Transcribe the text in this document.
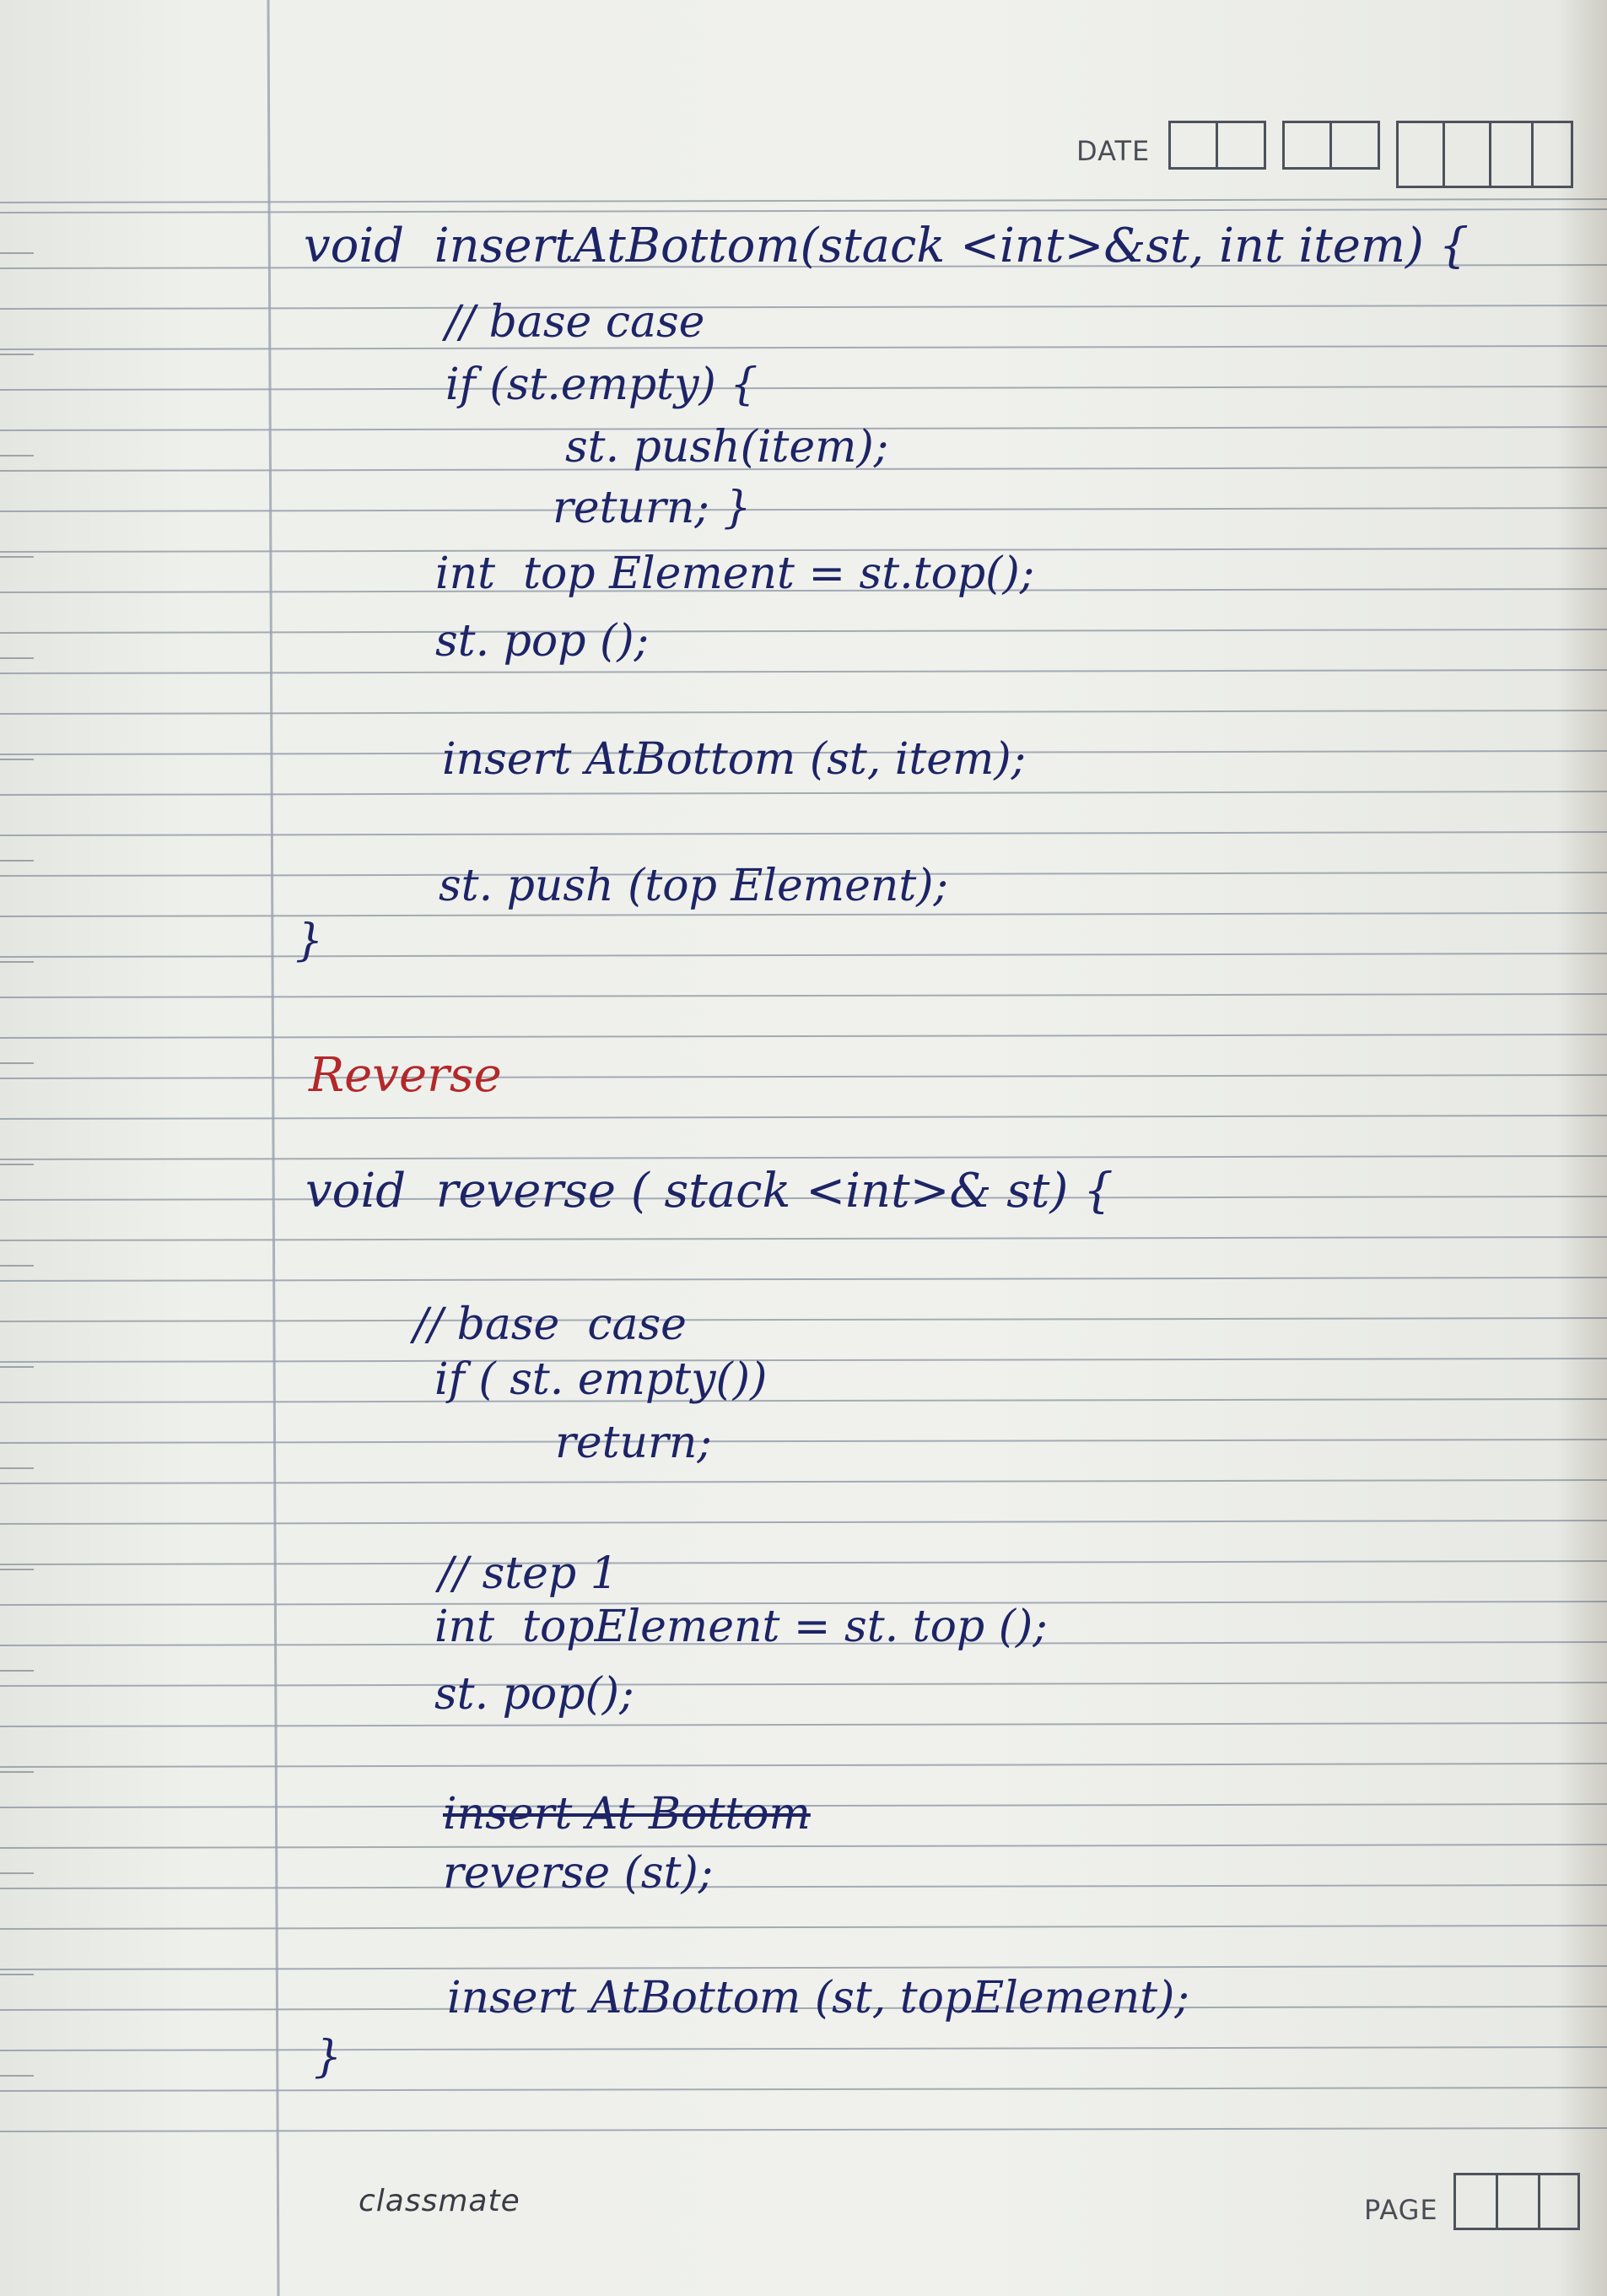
DATE
void  insertAtBottom(stack <int>&st, int item) {
// base case
if (st.empty) {
st. push(item);
return; }
int  top Element = st.top();
st. pop ();
insert AtBottom (st, item);
st. push (top Element);
}
Reverse
void  reverse ( stack <int>& st) {
// base  case
if ( st. empty())
return;
// step 1
int  topElement = st. top ();
st. pop();
insert At Bottom
reverse (st);
insert AtBottom (st, topElement);
}
classmate	PAGE
